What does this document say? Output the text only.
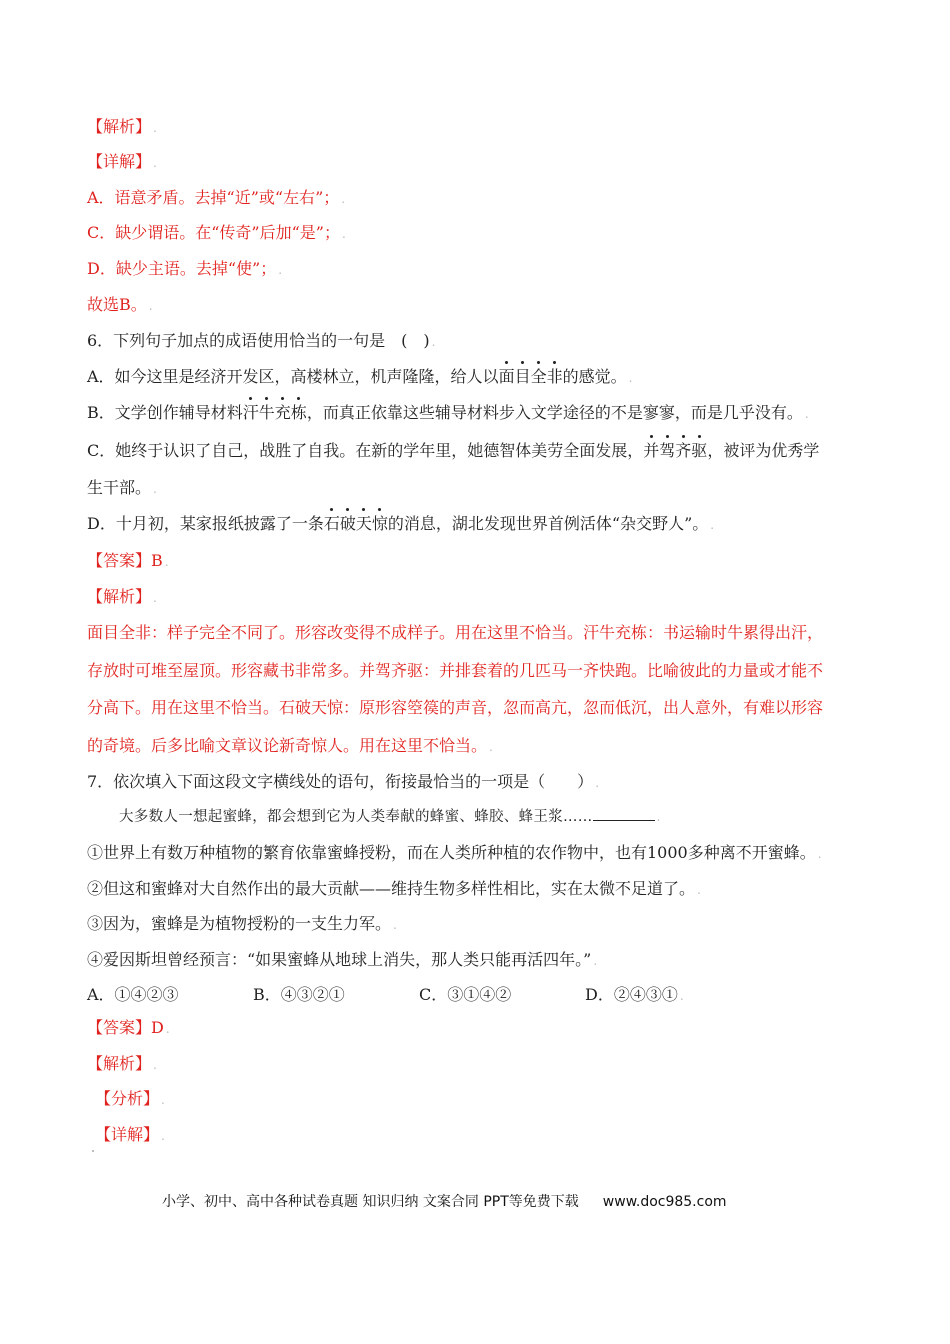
【解析】 .
【详解】 .
A．语意矛盾。去掉“近”或“左右”； .
C．缺少谓语。在“传奇”后加“是”； .
D．缺少主语。去掉“使”； .
故选B。 .
6．下列句子加点的成语使用恰当的一句是　(　) .
A．如今这里是经济开发区，高楼林立，机声隆隆，给人以面目全非的感觉。 .
B．文学创作辅导材料汗牛充栋，而真正依靠这些辅导材料步入文学途径的不是寥寥，而是几乎没有。 .
C．她终于认识了自己，战胜了自我。在新的学年里，她德智体美劳全面发展，并驾齐驱，被评为优秀学
生干部。 .
D．十月初，某家报纸披露了一条石破天惊的消息，湖北发现世界首例活体“杂交野人”。 .
【答案】B .
【解析】 .
面目全非：样子完全不同了。形容改变得不成样子。用在这里不恰当。汗牛充栋：书运输时牛累得出汗，
存放时可堆至屋顶。形容藏书非常多。并驾齐驱：并排套着的几匹马一齐快跑。比喻彼此的力量或才能不
分高下。用在这里不恰当。石破天惊：原形容箜篌的声音，忽而高亢，忽而低沉，出人意外，有难以形容
的奇境。后多比喻文章议论新奇惊人。用在这里不恰当。 .
7．依次填入下面这段文字横线处的语句，衔接最恰当的一项是（　　） .
大多数人一想起蜜蜂，都会想到它为人类奉献的蜂蜜、蜂胶、蜂王浆……	.
①世界上有数万种植物的繁育依靠蜜蜂授粉，而在人类所种植的农作物中，也有1000多种离不开蜜蜂。 .
②但这和蜜蜂对大自然作出的最大贡献——维持生物多样性相比，实在太微不足道了。 .
③因为，蜜蜂是为植物授粉的一支生力军。 .
④爱因斯坦曾经预言：“如果蜜蜂从地球上消失，那人类只能再活四年。” .
A．①④②③	B．④③②①	C．③①④②	D．②④③① .
【答案】D .
【解析】 .
【分析】 .
【详解】 .
小学、初中、高中各种试卷真题 知识归纳 文案合同 PPT等免费下载 www.doc985.com
